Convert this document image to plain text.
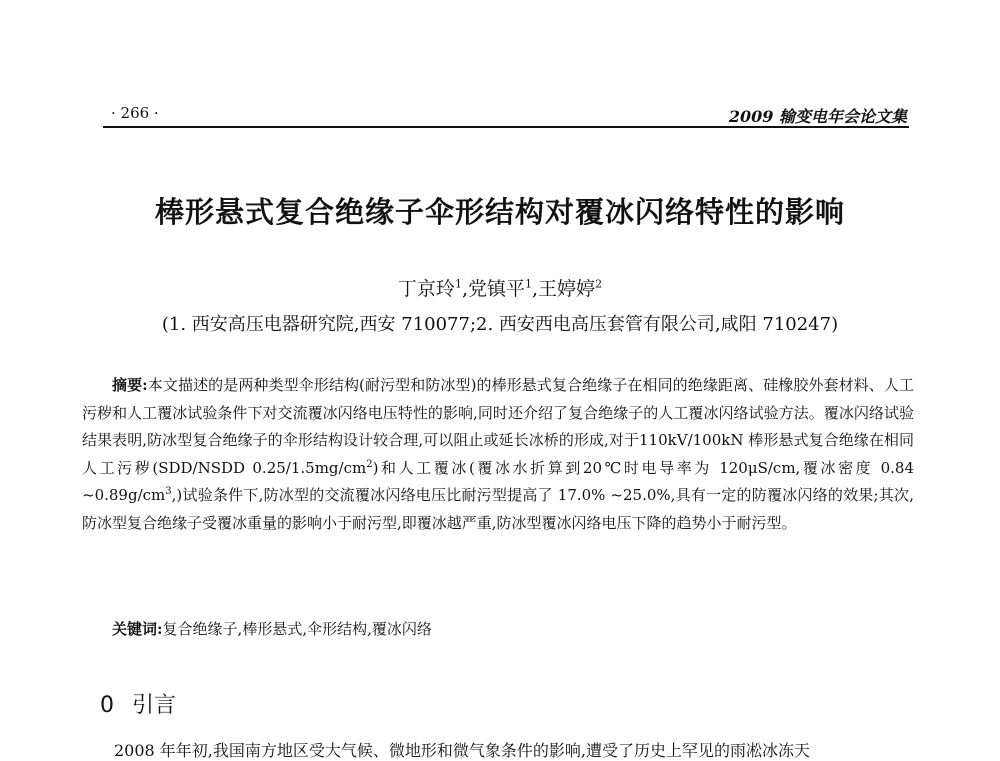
· 266 ·	2009 输变电年会论文集
棒形悬式复合绝缘子伞形结构对覆冰闪络特性的影响
丁京玲$^1$,党镇平$^1$,王婷婷$^2$
(1. 西安高压电器研究院,西安 710077;2. 西安西电高压套管有限公司,咸阳 710247)

摘要:本文描述的是两种类型伞形结构(耐污型和防冰型)的棒形悬式复合绝缘子在相同的绝缘距离、硅橡胶外套材料、人工污秽和人工覆冰试验条件下对交流覆冰闪络电压特性的影响,同时还介绍了复合绝缘子的人工覆冰闪络试验方法。覆冰闪络试验结果表明,防冰型复合绝缘子的伞形结构设计较合理,可以阻止或延长冰桥的形成,对于110kV/100kN 棒形悬式复合绝缘在相同人工污秽(SDD/NSDD $0.25/1.5mg/cm^2$)和人工覆冰(覆冰水折算到20℃时电导率为 120μS/cm,覆冰密度 0.84 $\sim 0.89g/cm^3$,)试验条件下,防冰型的交流覆冰闪络电压比耐污型提高了 17.0% ~25.0%,具有一定的防覆冰闪络的效果;其次,防冰型复合绝缘子受覆冰重量的影响小于耐污型,即覆冰越严重,防冰型覆冰闪络电压下降的趋势小于耐污型。

关键词:复合绝缘子,棒形悬式,伞形结构,覆冰闪络

0 引言

2008 年年初,我国南方地区受大气候、微地形和微气象条件的影响,遭受了历史上罕见的雨凇冰冻天
